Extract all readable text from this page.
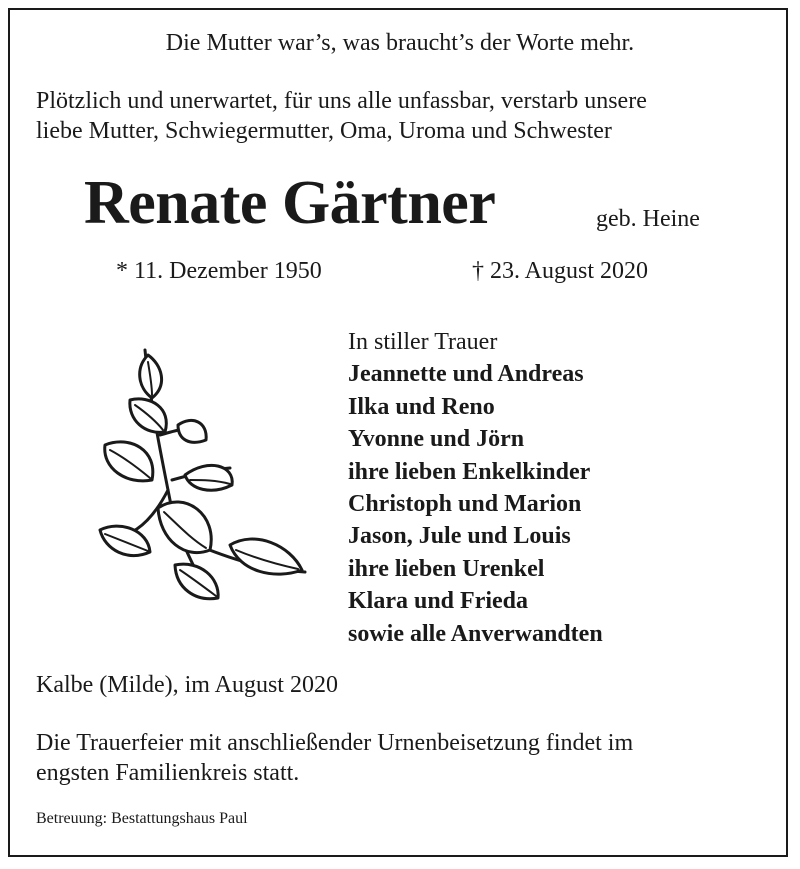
Die Mutter war’s, was braucht’s der Worte mehr.
Plötzlich und unerwartet, für uns alle unfassbar, verstarb unsere
liebe Mutter, Schwiegermutter, Oma, Uroma und Schwester
Renate Gärtner	geb. Heine
* 11. Dezember 1950	† 23. August 2020
In stiller Trauer
Jeannette und Andreas
Ilka und Reno
Yvonne und Jörn
ihre lieben Enkelkinder
Christoph und Marion
Jason, Jule und Louis
ihre lieben Urenkel
Klara und Frieda
sowie alle Anverwandten
Kalbe (Milde), im August 2020
Die Trauerfeier mit anschließender Urnenbeisetzung findet im
engsten Familienkreis statt.
Betreuung: Bestattungshaus Paul
